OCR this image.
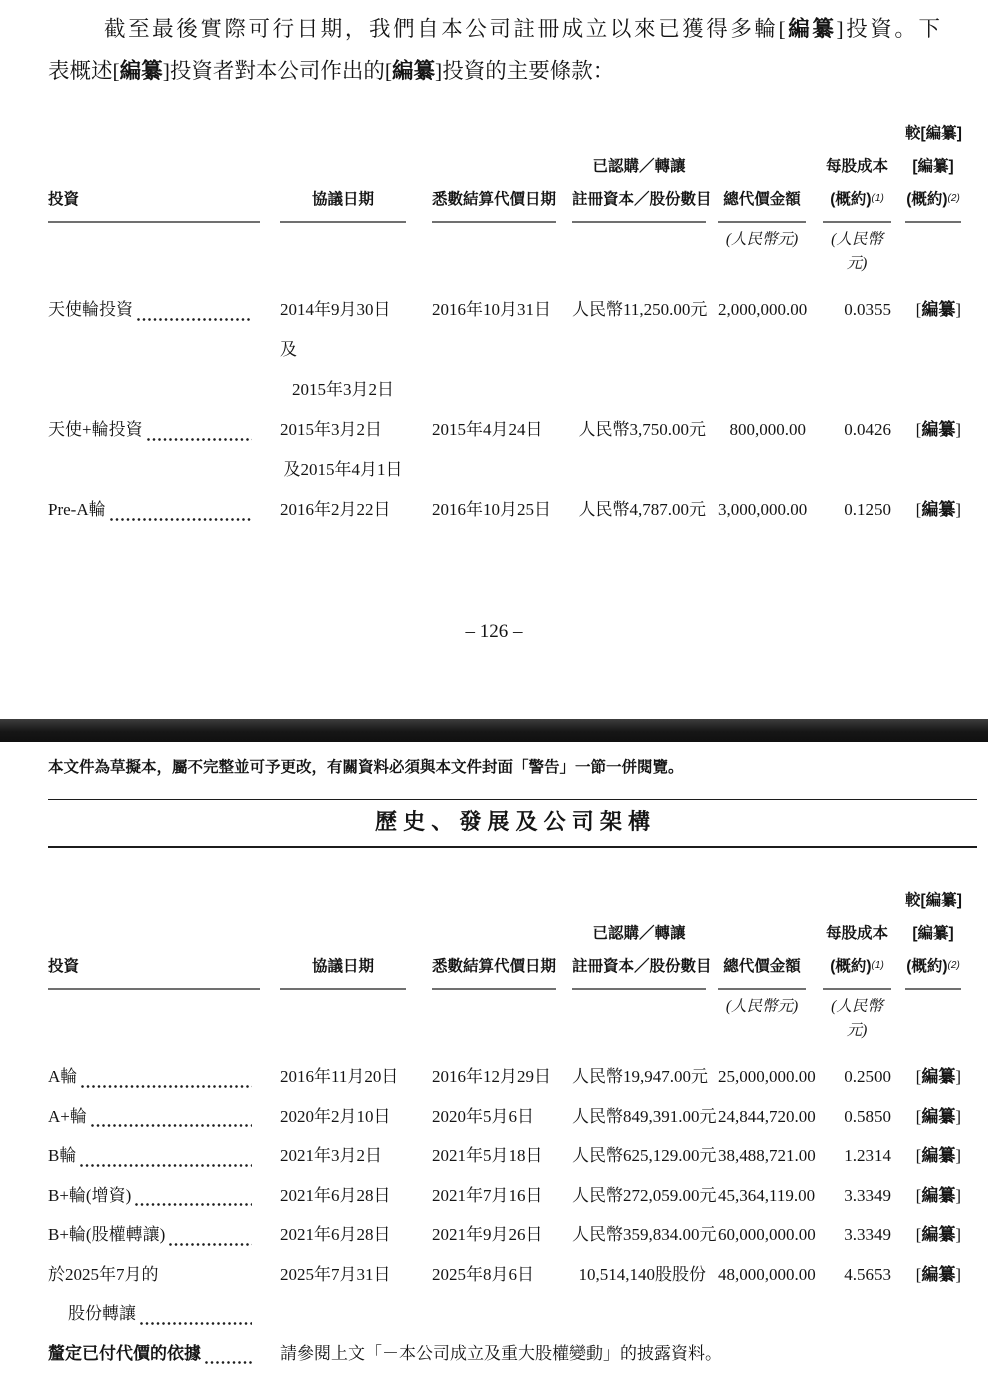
截至最後實際可行日期，我們自本公司註冊成立以來已獲得多輪[編纂]投資。下
表概述[編纂]投資者對本公司作出的[編纂]投資的主要條款：
投資	協議日期	悉數結算代價日期
已認購／轉讓
註冊資本／股份數目 總代價金額
每股成本
(概約)$^{(1)}$
較[編纂]
[編纂]
(概約)$^{(2)}$
(人民幣元)	(人民幣元)
天使輪投資	2014年9月30日及
2015年3月2日
2016年10月31日 人民幣11,250.00元 2,000,000.00	0.0355	[編纂]
天使+輪投資	2015年3月2日
及2015年4月1日
2015年4月24日	人民幣3,750.00元	800,000.00	0.0426	[編纂]
Pre-A輪	2016年2月22日	2016年10月25日	人民幣4,787.00元 3,000,000.00	0.1250	[編纂]
– 126 –
本文件為草擬本，屬不完整並可予更改，有關資料必須與本文件封面「警告」一節一併閱覽。
歷 史 、 發 展 及 公 司 架 構
投資	協議日期	悉數結算代價日期
已認購／轉讓
註冊資本／股份數目 總代價金額
每股成本
(概約)$^{(1)}$
較[編纂]
[編纂]
(概約)$^{(2)}$
(人民幣元)	(人民幣元)
A輪	2016年11月20日	2016年12月29日 人民幣19,947.00元 25,000,000.00	0.2500	[編纂]
A+輪	2020年2月10日	2020年5月6日	人民幣849,391.00元 24,844,720.00	0.5850	[編纂]
B輪	2021年3月2日	2021年5月18日	人民幣625,129.00元 38,488,721.00	1.2314	[編纂]
B+輪(增資)	2021年6月28日	2021年7月16日	人民幣272,059.00元 45,364,119.00	3.3349	[編纂]
B+輪(股權轉讓)	2021年6月28日	2021年9月26日	人民幣359,834.00元 60,000,000.00	3.3349	[編纂]
於2025年7月的
股份轉讓
2025年7月31日	2025年8月6日	10,514,140股股份 48,000,000.00	4.5653	[編纂]
釐定已付代價的依據	請參閱上文「－本公司成立及重大股權變動」的披露資料。
